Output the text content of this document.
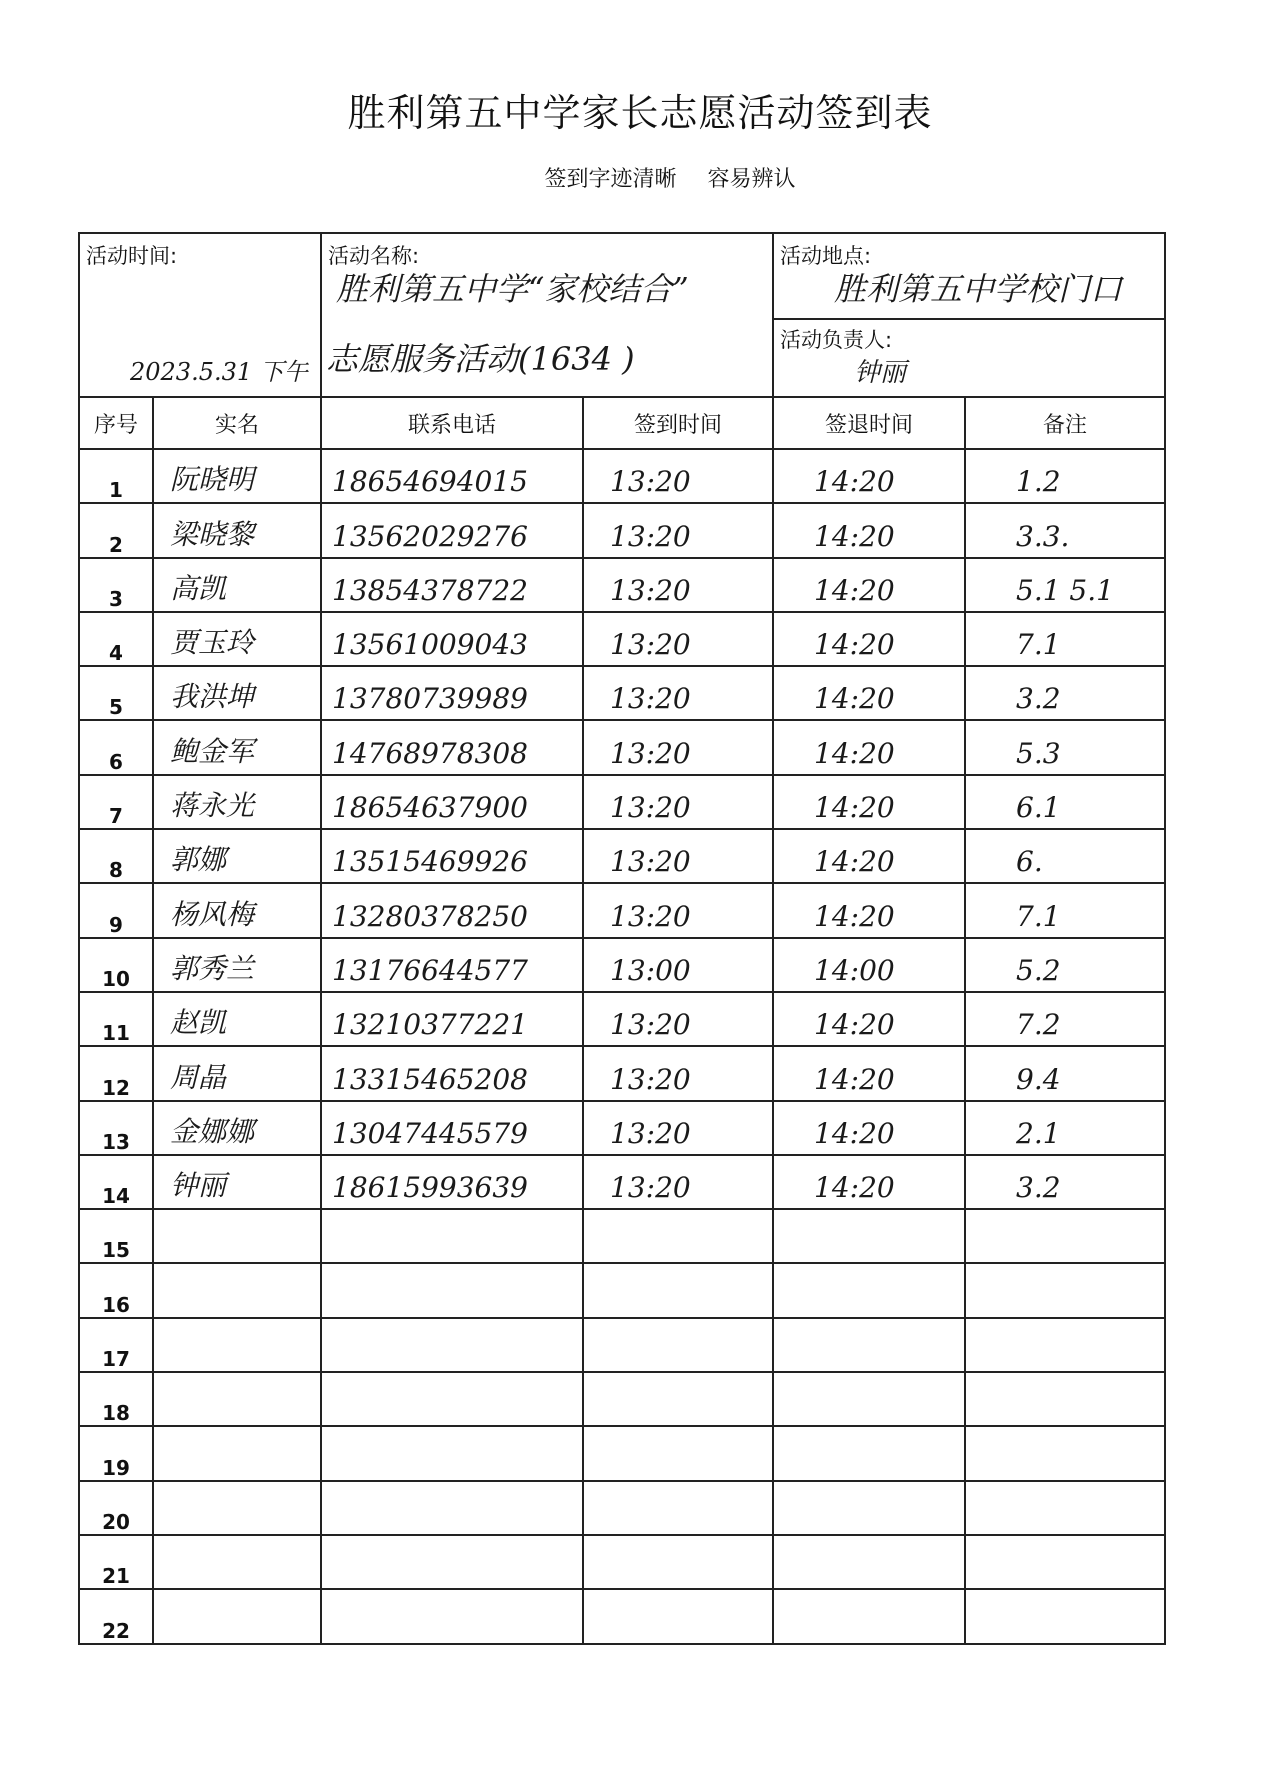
胜利第五中学家长志愿活动签到表
签到字迹清晰 容易辨认
活动时间:
2023.5.31 下午		活动名称:
胜利第五中学“家校结合”
志愿服务活动(1634 )		活动地点:
胜利第五中学校门口
活动负责人:
钟丽	

序号	实名	联系电话	签到时间	签退时间	备注
1	阮晓明	18654694015	13:20	14:20	1.2

2	梁晓黎	13562029276	13:20	14:20	3.3.

3	高凯	13854378722	13:20	14:20	5.1 5.1

4	贾玉玲	13561009043	13:20	14:20	7.1

5	我洪坤	13780739989	13:20	14:20	3.2

6	鲍金军	14768978308	13:20	14:20	5.3

7	蒋永光	18654637900	13:20	14:20	6.1

8	郭娜	13515469926	13:20	14:20	6.

9	杨风梅	13280378250	13:20	14:20	7.1

10	郭秀兰	13176644577	13:00	14:00	5.2

11	赵凯	13210377221	13:20	14:20	7.2

12	周晶	13315465208	13:20	14:20	9.4

13	金娜娜	13047445579	13:20	14:20	2.1

14	钟丽	18615993639	13:20	14:20	3.2

15	

16	

17	

18	

19	

20	

21	

22	
